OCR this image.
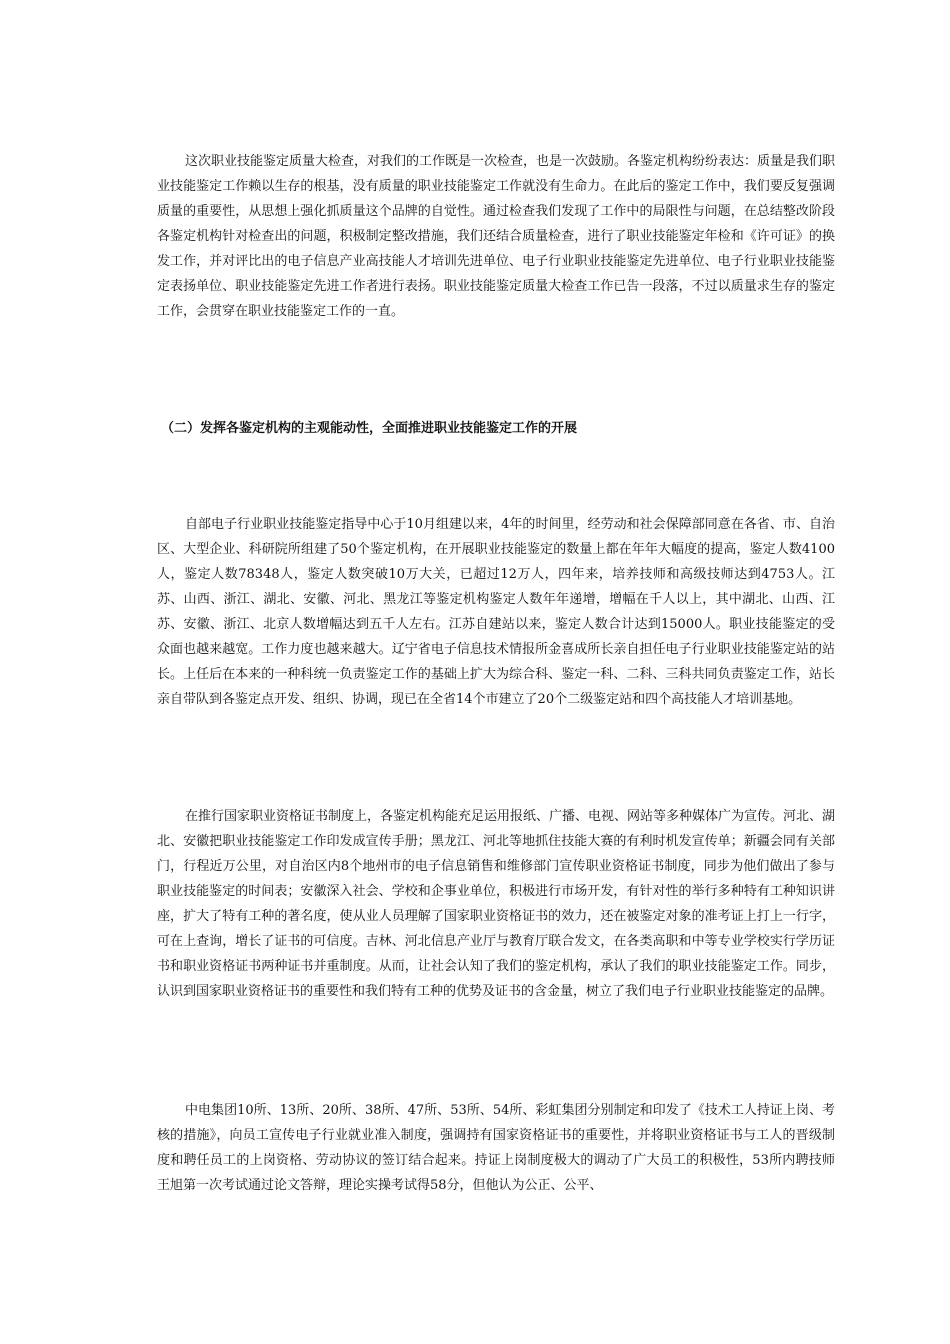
这次职业技能鉴定质量大检查，对我们的工作既是一次检查，也是一次鼓励。各鉴定机构纷纷表达：质量是我们职业技能鉴定工作赖以生存的根基，没有质量的职业技能鉴定工作就没有生命力。在此后的鉴定工作中，我们要反复强调质量的重要性，从思想上强化抓质量这个品牌的自觉性。通过检查我们发现了工作中的局限性与问题，在总结整改阶段各鉴定机构针对检查出的问题，积极制定整改措施，我们还结合质量检查，进行了职业技能鉴定年检和《许可证》的换发工作，并对评比出的电子信息产业高技能人才培训先进单位、电子行业职业技能鉴定先进单位、电子行业职业技能鉴定表扬单位、职业技能鉴定先进工作者进行表扬。职业技能鉴定质量大检查工作已告一段落，不过以质量求生存的鉴定工作，会贯穿在职业技能鉴定工作的一直。

（二）发挥各鉴定机构的主观能动性，全面推进职业技能鉴定工作的开展

自部电子行业职业技能鉴定指导中心于10月组建以来，4年的时间里，经劳动和社会保障部同意在各省、市、自治区、大型企业、科研院所组建了50个鉴定机构，在开展职业技能鉴定的数量上都在年年大幅度的提高，鉴定人数4100人，鉴定人数78348人，鉴定人数突破10万大关，已超过12万人，四年来，培养技师和高级技师达到4753人。江苏、山西、浙江、湖北、安徽、河北、黑龙江等鉴定机构鉴定人数年年递增，增幅在千人以上，其中湖北、山西、江苏、安徽、浙江、北京人数增幅达到五千人左右。江苏自建站以来，鉴定人数合计达到15000人。职业技能鉴定的受众面也越来越宽。工作力度也越来越大。辽宁省电子信息技术情报所金喜成所长亲自担任电子行业职业技能鉴定站的站长。上任后在本来的一种科统一负责鉴定工作的基础上扩大为综合科、鉴定一科、二科、三科共同负责鉴定工作，站长亲自带队到各鉴定点开发、组织、协调，现已在全省14个市建立了20个二级鉴定站和四个高技能人才培训基地。

在推行国家职业资格证书制度上，各鉴定机构能充足运用报纸、广播、电视、网站等多种媒体广为宣传。河北、湖北、安徽把职业技能鉴定工作印发成宣传手册；黑龙江、河北等地抓住技能大赛的有利时机发宣传单；新疆会同有关部门，行程近万公里，对自治区内8个地州市的电子信息销售和维修部门宣传职业资格证书制度，同步为他们做出了参与职业技能鉴定的时间表；安徽深入社会、学校和企事业单位，积极进行市场开发，有针对性的举行多种特有工种知识讲座，扩大了特有工种的著名度，使从业人员理解了国家职业资格证书的效力，还在被鉴定对象的准考证上打上一行字，可在上查询，增长了证书的可信度。吉林、河北信息产业厅与教育厅联合发文，在各类高职和中等专业学校实行学历证书和职业资格证书两种证书并重制度。从而，让社会认知了我们的鉴定机构，承认了我们的职业技能鉴定工作。同步，认识到国家职业资格证书的重要性和我们特有工种的优势及证书的含金量，树立了我们电子行业职业技能鉴定的品牌。

中电集团10所、13所、20所、38所、47所、53所、54所、彩虹集团分别制定和印发了《技术工人持证上岗、考核的措施》，向员工宣传电子行业就业准入制度，强调持有国家资格证书的重要性，并将职业资格证书与工人的晋级制度和聘任员工的上岗资格、劳动协议的签订结合起来。持证上岗制度极大的调动了广大员工的积极性，53所内聘技师王旭第一次考试通过论文答辩，理论实操考试得58分，但他认为公正、公平、
